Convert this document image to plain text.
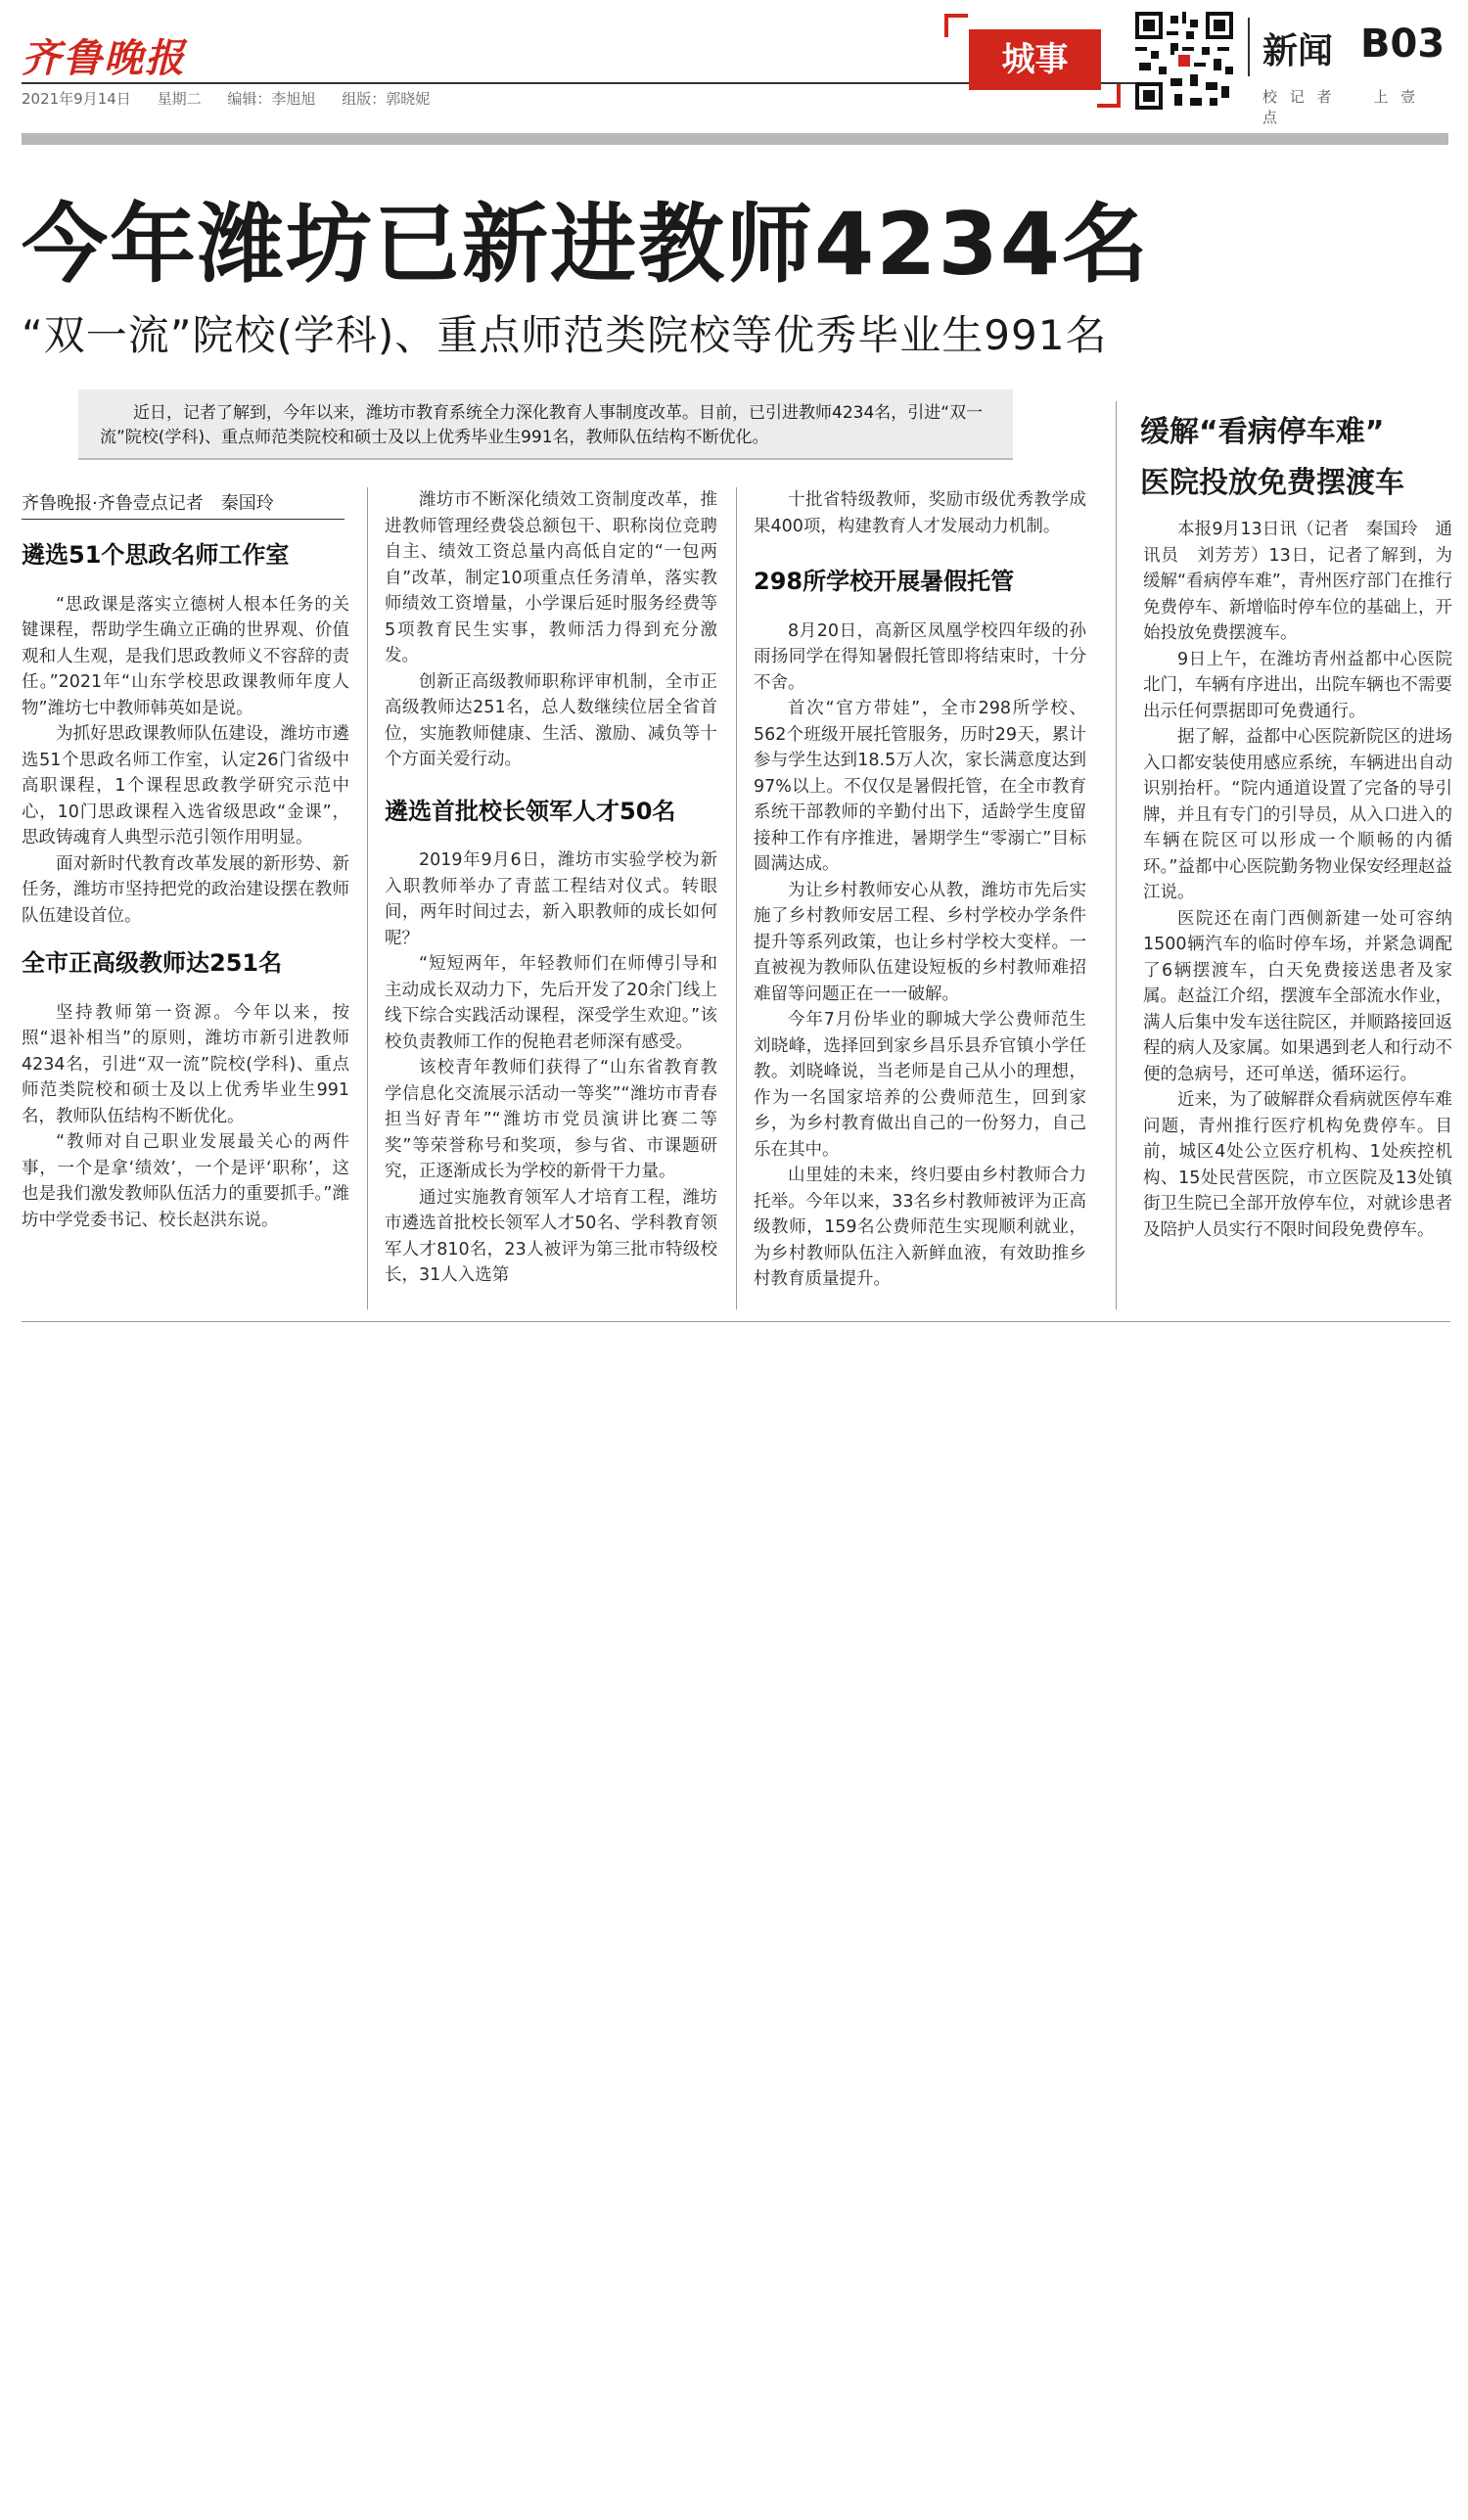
齐鲁晚报
2021年9月14日 星期二 编辑：李旭旭 组版：郭晓妮
城事	新闻 B03
校 记 者	上 壹 点
今年潍坊已新进教师4234名
“双一流”院校(学科)、重点师范类院校等优秀毕业生991名

近日，记者了解到，今年以来，潍坊市教育系统全力深化教育人事制度改革。目前，已引进教师4234名，引进“双一流”院校(学科)、重点师范类院校和硕士及以上优秀毕业生991名，教师队伍结构不断优化。

齐鲁晚报·齐鲁壹点记者　秦国玲
遴选51个思政名师工作室

“思政课是落实立德树人根本任务的关键课程，帮助学生确立正确的世界观、价值观和人生观，是我们思政教师义不容辞的责任。”2021年“山东学校思政课教师年度人物”潍坊七中教师韩英如是说。

为抓好思政课教师队伍建设，潍坊市遴选51个思政名师工作室，认定26门省级中高职课程，1个课程思政教学研究示范中心，10门思政课程入选省级思政“金课”，思政铸魂育人典型示范引领作用明显。

面对新时代教育改革发展的新形势、新任务，潍坊市坚持把党的政治建设摆在教师队伍建设首位。

全市正高级教师达251名

坚持教师第一资源。今年以来，按照“退补相当”的原则，潍坊市新引进教师4234名，引进“双一流”院校(学科)、重点师范类院校和硕士及以上优秀毕业生991名，教师队伍结构不断优化。

“教师对自己职业发展最关心的两件事，一个是拿‘绩效’，一个是评‘职称’，这也是我们激发教师队伍活力的重要抓手。”潍坊中学党委书记、校长赵洪东说。

潍坊市不断深化绩效工资制度改革，推进教师管理经费袋总额包干、职称岗位竞聘自主、绩效工资总量内高低自定的“一包两自”改革，制定10项重点任务清单，落实教师绩效工资增量，小学课后延时服务经费等5项教育民生实事，教师活力得到充分激发。

创新正高级教师职称评审机制，全市正高级教师达251名，总人数继续位居全省首位，实施教师健康、生活、激励、减负等十个方面关爱行动。

遴选首批校长领军人才50名

2019年9月6日，潍坊市实验学校为新入职教师举办了青蓝工程结对仪式。转眼间，两年时间过去，新入职教师的成长如何呢？

“短短两年，年轻教师们在师傅引导和主动成长双动力下，先后开发了20余门线上线下综合实践活动课程，深受学生欢迎。”该校负责教师工作的倪艳君老师深有感受。

该校青年教师们获得了“山东省教育教学信息化交流展示活动一等奖”“潍坊市青春担当好青年”“潍坊市党员演讲比赛二等奖”等荣誉称号和奖项，参与省、市课题研究，正逐渐成长为学校的新骨干力量。

通过实施教育领军人才培育工程，潍坊市遴选首批校长领军人才50名、学科教育领军人才810名，23人被评为第三批市特级校长，31人入选第

十批省特级教师，奖励市级优秀教学成果400项，构建教育人才发展动力机制。

298所学校开展暑假托管

8月20日，高新区凤凰学校四年级的孙雨扬同学在得知暑假托管即将结束时，十分不舍。

首次“官方带娃”，全市298所学校、562个班级开展托管服务，历时29天，累计参与学生达到18.5万人次，家长满意度达到97%以上。不仅仅是暑假托管，在全市教育系统干部教师的辛勤付出下，适龄学生度留接种工作有序推进，暑期学生“零溺亡”目标圆满达成。

为让乡村教师安心从教，潍坊市先后实施了乡村教师安居工程、乡村学校办学条件提升等系列政策，也让乡村学校大变样。一直被视为教师队伍建设短板的乡村教师难招难留等问题正在一一破解。

今年7月份毕业的聊城大学公费师范生刘晓峰，选择回到家乡昌乐县乔官镇小学任教。刘晓峰说，当老师是自己从小的理想，作为一名国家培养的公费师范生，回到家乡，为乡村教育做出自己的一份努力，自己乐在其中。

山里娃的未来，终归要由乡村教师合力托举。今年以来，33名乡村教师被评为正高级教师，159名公费师范生实现顺利就业，为乡村教师队伍注入新鲜血液，有效助推乡村教育质量提升。

缓解“看病停车难”
医院投放免费摆渡车

本报9月13日讯（记者　秦国玲　通讯员　刘芳芳）13日，记者了解到，为缓解“看病停车难”，青州医疗部门在推行免费停车、新增临时停车位的基础上，开始投放免费摆渡车。

9日上午，在潍坊青州益都中心医院北门，车辆有序进出，出院车辆也不需要出示任何票据即可免费通行。

据了解，益都中心医院新院区的进场入口都安装使用感应系统，车辆进出自动识别抬杆。“院内通道设置了完备的导引牌，并且有专门的引导员，从入口进入的车辆在院区可以形成一个顺畅的内循环。”益都中心医院勤务物业保安经理赵益江说。

医院还在南门西侧新建一处可容纳1500辆汽车的临时停车场，并紧急调配了6辆摆渡车，白天免费接送患者及家属。赵益江介绍，摆渡车全部流水作业，满人后集中发车送往院区，并顺路接回返程的病人及家属。如果遇到老人和行动不便的急病号，还可单送，循环运行。

近来，为了破解群众看病就医停车难问题，青州推行医疗机构免费停车。目前，城区4处公立医疗机构、1处疾控机构、15处民营医院，市立医院及13处镇街卫生院已全部开放停车位，对就诊患者及陪护人员实行不限时间段免费停车。
